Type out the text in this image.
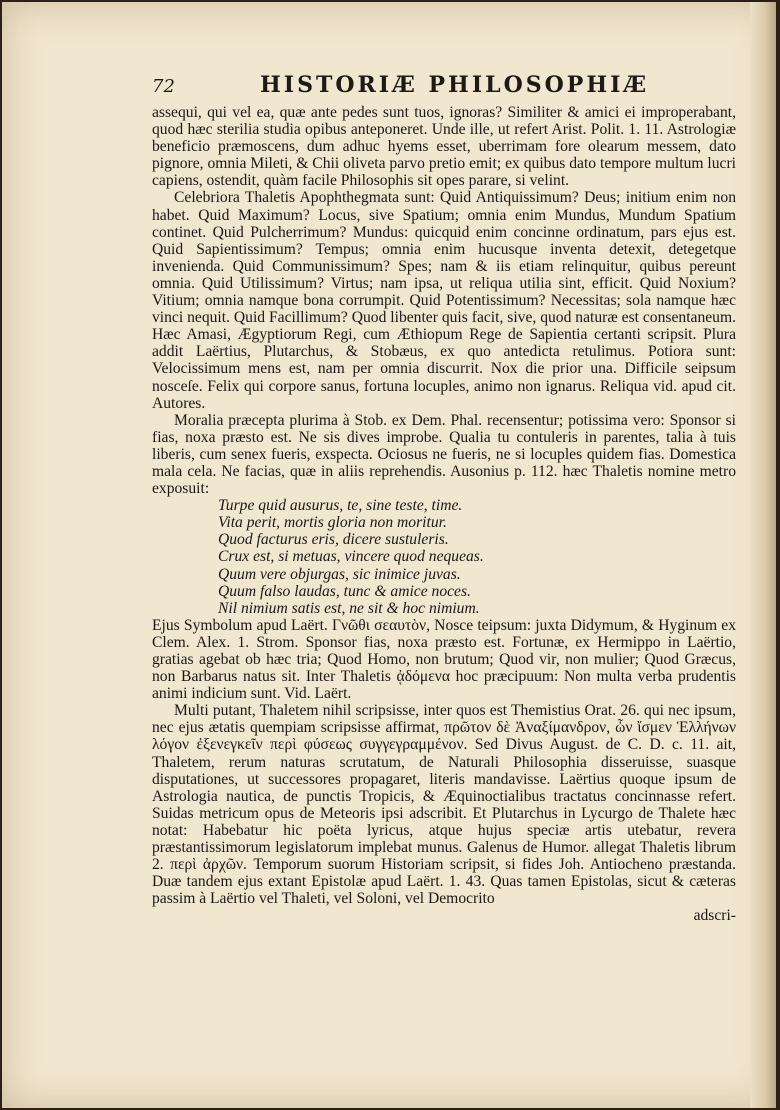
72	HISTORIÆ PHILOSOPHIÆ

assequi, qui vel ea, quæ ante pedes sunt tuos, ignoras? Similiter & amici ei improperabant, quod hæc sterilia studia opibus anteponeret. Unde ille, ut refert Arist. Polit. 1. 11. Astrologiæ beneficio præmoscens, dum adhuc hyems esset, uberrimam fore olearum messem, dato pignore, omnia Mileti, & Chii oliveta parvo pretio emit; ex quibus dato tempore multum lucri capiens, ostendit, quàm facile Philosophis sit opes parare, si velint.

Celebriora Thaletis Apophthegmata sunt: Quid Antiquissimum? Deus; initium enim non habet. Quid Maximum? Locus, sive Spatium; omnia enim Mundus, Mundum Spatium continet. Quid Pulcherrimum? Mundus: quicquid enim concinne ordinatum, pars ejus est. Quid Sapientissimum? Tempus; omnia enim hucusque inventa detexit, detegetque invenienda. Quid Communissimum? Spes; nam & iis etiam relinquitur, quibus pereunt omnia. Quid Utilissimum? Virtus; nam ipsa, ut reliqua utilia sint, efficit. Quid Noxium? Vitium; omnia namque bona corrumpit. Quid Potentissimum? Necessitas; sola namque hæc vinci nequit. Quid Facillimum? Quod libenter quis facit, sive, quod naturæ est consentaneum. Hæc Amasi, Ægyptiorum Regi, cum Æthiopum Rege de Sapientia certanti scripsit. Plura addit Laërtius, Plutarchus, & Stobæus, ex quo antedicta retulimus. Potiora sunt: Velocissimum mens est, nam per omnia discurrit. Nox die prior una. Difficile seipsum nosceſe. Felix qui corpore sanus, fortuna locuples, animo non ignarus. Reliqua vid. apud cit. Autores.

Moralia præcepta plurima à Stob. ex Dem. Phal. recensentur; potissima vero: Sponsor si fias, noxa præsto est. Ne sis dives improbe. Qualia tu contuleris in parentes, talia à tuis liberis, cum senex fueris, exspecta. Ociosus ne fueris, ne si locuples quidem fias. Domestica mala cela. Ne facias, quæ in aliis reprehendis. Ausonius p. 112. hæc Thaletis nomine metro exposuit:

Turpe quid ausurus, te, sine teste, time.
Vita perit, mortis gloria non moritur.
Quod facturus eris, dicere sustuleris.
Crux est, si metuas, vincere quod nequeas.
Quum vere objurgas, sic inimice juvas.
Quum falso laudas, tunc & amice noces.
Nil nimium satis est, ne sit & hoc nimium.

Ejus Symbolum apud Laërt. Γνῶθι σεαυτὸν, Nosce teipsum: juxta Didymum, & Hyginum ex Clem. Alex. 1. Strom. Sponsor fias, noxa præsto est. Fortunæ, ex Hermippo in Laërtio, gratias agebat ob hæc tria; Quod Homo, non brutum; Quod vir, non mulier; Quod Græcus, non Barbarus natus sit. Inter Thaletis ᾀδόμενα hoc præcipuum: Non multa verba prudentis animi indicium sunt. Vid. Laërt.

Multi putant, Thaletem nihil scripsisse, inter quos est Themistius Orat. 26. qui nec ipsum, nec ejus ætatis quempiam scripsisse affirmat, πρῶτον δὲ Ἀναξίμανδρον, ὧν ἴσμεν Ἑλλήνων λόγον ἐξενεγκεῖν περὶ φύσεως συγγεγραμμένον. Sed Divus August. de C. D. c. 11. ait, Thaletem, rerum naturas scrutatum, de Naturali Philosophia disseruisse, suasque disputationes, ut successores propagaret, literis mandavisse. Laërtius quoque ipsum de Astrologia nautica, de punctis Tropicis, & Æquinoctialibus tractatus concinnasse refert. Suidas metricum opus de Meteoris ipsi adscribit. Et Plutarchus in Lycurgo de Thalete hæc notat: Habebatur hic poëta lyricus, atque hujus speciæ artis utebatur, revera præstantissimorum legislatorum implebat munus. Galenus de Humor. allegat Thaletis librum 2. περὶ ἀρχῶν. Temporum suorum Historiam scripsit, si fides Joh. Antiocheno præstanda. Duæ tandem ejus extant Epistolæ apud Laërt. 1. 43. Quas tamen Epistolas, sicut & cæteras passim à Laërtio vel Thaleti, vel Soloni, vel Democrito

adscri-
